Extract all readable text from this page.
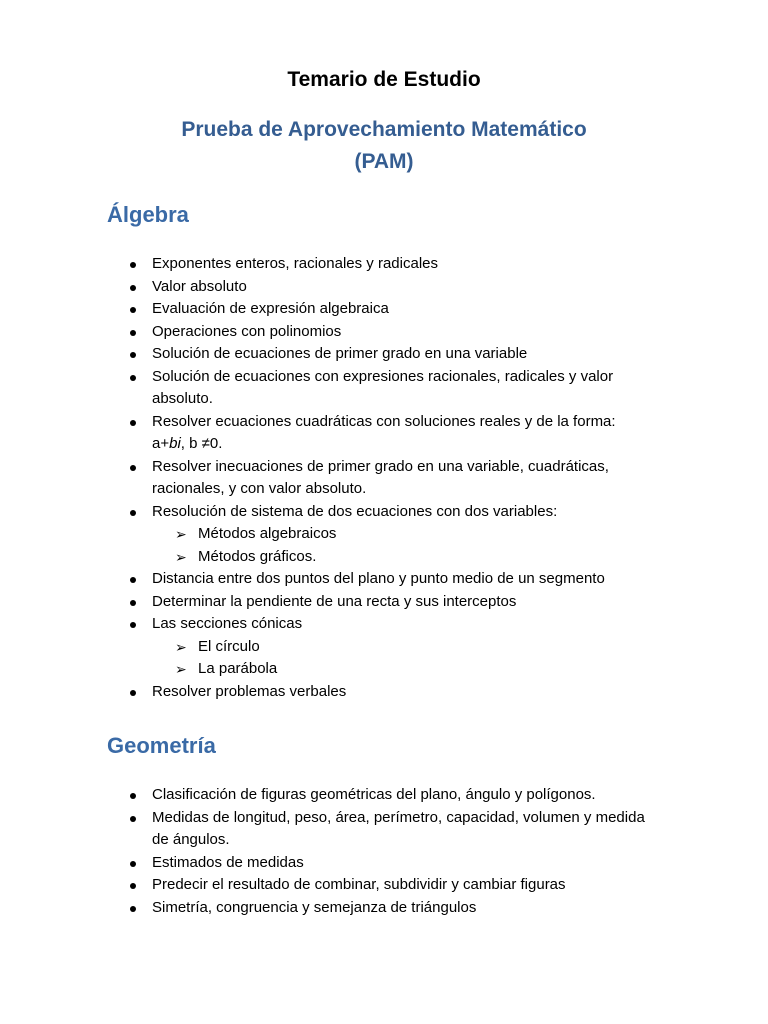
Temario de Estudio
Prueba de Aprovechamiento Matemático
(PAM)
Álgebra
Exponentes enteros, racionales y radicales
Valor absoluto
Evaluación de expresión algebraica
Operaciones con polinomios
Solución de ecuaciones de primer grado en una variable
Solución de ecuaciones con expresiones racionales, radicales y valor absoluto.
Resolver ecuaciones cuadráticas con soluciones reales y de la forma: a+bi, b ≠0.
Resolver inecuaciones de primer grado en una variable, cuadráticas, racionales, y con valor absoluto.
Resolución de sistema de dos ecuaciones con dos variables:
➢ Métodos algebraicos
➢ Métodos gráficos.
Distancia entre dos puntos del plano y punto medio de un segmento
Determinar la pendiente de una recta y sus interceptos
Las secciones cónicas
➢ El círculo
➢ La parábola
Resolver problemas verbales
Geometría
Clasificación de figuras geométricas del plano, ángulo y polígonos.
Medidas de longitud, peso, área, perímetro, capacidad, volumen y medida de ángulos.
Estimados de medidas
Predecir el resultado de combinar, subdividir y cambiar figuras
Simetría, congruencia y semejanza de triángulos
